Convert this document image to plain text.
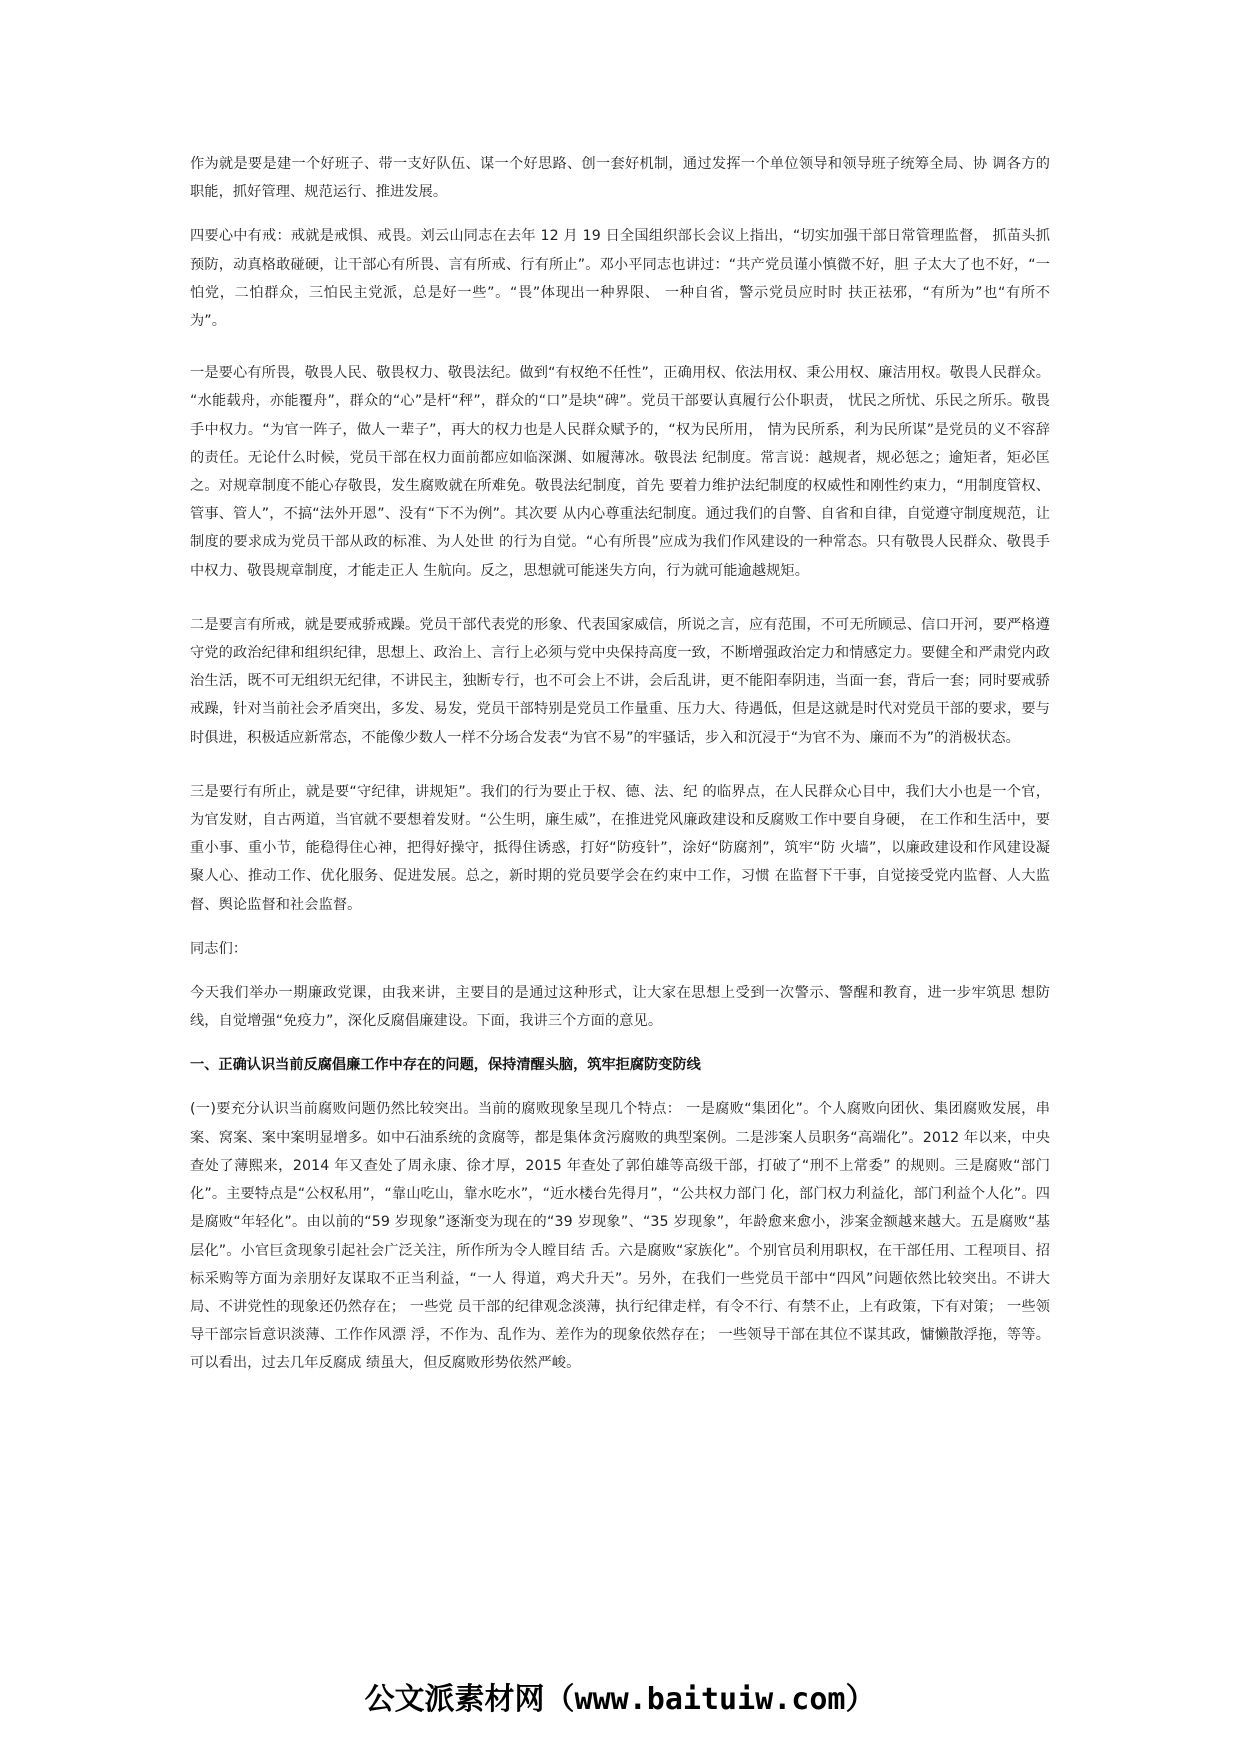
作为就是要是建一个好班子、带一支好队伍、谋一个好思路、创一套好机制，通过发挥一个单位领导和领导班子统筹全局、协 调各方的职能，抓好管理、规范运行、推进发展。

四要心中有戒：戒就是戒惧、戒畏。刘云山同志在去年 12 月 19 日全国组织部长会议上指出，“切实加强干部日常管理监督， 抓苗头抓预防，动真格敢碰硬，让干部心有所畏、言有所戒、行有所止”。邓小平同志也讲过：“共产党员谨小慎微不好，胆 子太大了也不好，“一怕党，二怕群众，三怕民主党派，总是好一些”。“畏”体现出一种界限、 一种自省，警示党员应时时 扶正祛邪，“有所为”也“有所不为”。

一是要心有所畏，敬畏人民、敬畏权力、敬畏法纪。做到“有权绝不任性”，正确用权、依法用权、秉公用权、廉洁用权。敬畏人民群众。 “水能载舟，亦能覆舟”，群众的“心”是杆“秤”，群众的“口”是块“碑”。党员干部要认真履行公仆职责， 忧民之所忧、乐民之所乐。敬畏手中权力。“为官一阵子，做人一辈子”，再大的权力也是人民群众赋予的，“权为民所用， 情为民所系，利为民所谋”是党员的义不容辞的责任。无论什么时候，党员干部在权力面前都应如临深渊、如履薄冰。敬畏法 纪制度。常言说：越规者，规必惩之；逾矩者，矩必匡之。对规章制度不能心存敬畏，发生腐败就在所难免。敬畏法纪制度，首先 要着力维护法纪制度的权威性和刚性约束力，“用制度管权、管事、管人”，不搞“法外开恩”、没有“下不为例”。其次要 从内心尊重法纪制度。通过我们的自警、自省和自律，自觉遵守制度规范，让制度的要求成为党员干部从政的标准、为人处世 的行为自觉。“心有所畏”应成为我们作风建设的一种常态。只有敬畏人民群众、敬畏手中权力、敬畏规章制度，才能走正人 生航向。反之，思想就可能迷失方向，行为就可能逾越规矩。

二是要言有所戒，就是要戒骄戒躁。党员干部代表党的形象、代表国家威信，所说之言，应有范围，不可无所顾忌、信口开河，要严格遵守党的政治纪律和组织纪律，思想上、政治上、言行上必须与党中央保持高度一致，不断增强政治定力和情感定力。要健全和严肃党内政治生活，既不可无组织无纪律，不讲民主，独断专行，也不可会上不讲，会后乱讲，更不能阳奉阴违，当面一套，背后一套；同时要戒骄戒躁，针对当前社会矛盾突出，多发、易发，党员干部特别是党员工作量重、压力大、待遇低，但是这就是时代对党员干部的要求，要与时俱进，积极适应新常态，不能像少数人一样不分场合发表“为官不易”的牢骚话，步入和沉浸于“为官不为、廉而不为”的消极状态。

三是要行有所止，就是要“守纪律，讲规矩”。我们的行为要止于权、德、法、纪 的临界点，在人民群众心目中，我们大小也是一个官，为官发财，自古两道，当官就不要想着发财。“公生明，廉生威”，在推进党风廉政建设和反腐败工作中要自身硬， 在工作和生活中，要重小事、重小节，能稳得住心神，把得好操守，抵得住诱惑，打好“防疫针”，涂好“防腐剂”，筑牢“防 火墙”，以廉政建设和作风建设凝聚人心、推动工作、优化服务、促进发展。总之，新时期的党员要学会在约束中工作，习惯 在监督下干事，自觉接受党内监督、人大监督、舆论监督和社会监督。

同志们：

今天我们举办一期廉政党课，由我来讲，主要目的是通过这种形式，让大家在思想上受到一次警示、警醒和教育，进一步牢筑思 想防线，自觉增强“免疫力”，深化反腐倡廉建设。下面，我讲三个方面的意见。

一、正确认识当前反腐倡廉工作中存在的问题，保持清醒头脑，筑牢拒腐防变防线

(一)要充分认识当前腐败问题仍然比较突出。当前的腐败现象呈现几个特点： 一是腐败“集团化”。个人腐败向团伙、集团腐败发展，串案、窝案、案中案明显增多。如中石油系统的贪腐等，都是集体贪污腐败的典型案例。二是涉案人员职务“高端化”。2012 年以来，中央查处了薄熙来，2014 年又查处了周永康、徐才厚，2015 年查处了郭伯雄等高级干部，打破了“刑不上常委” 的规则。三是腐败“部门化”。主要特点是“公权私用”，“靠山吃山，靠水吃水”，“近水楼台先得月”，“公共权力部门 化，部门权力利益化，部门利益个人化”。四是腐败“年轻化”。由以前的“59 岁现象”逐渐变为现在的“39 岁现象”、“35 岁现象”，年龄愈来愈小，涉案金额越来越大。五是腐败“基层化”。小官巨贪现象引起社会广泛关注，所作所为令人瞠目结 舌。六是腐败“家族化”。个别官员利用职权，在干部任用、工程项目、招标采购等方面为亲朋好友谋取不正当利益，“一人 得道，鸡犬升天”。另外，在我们一些党员干部中“四风”问题依然比较突出。不讲大局、不讲党性的现象还仍然存在； 一些党 员干部的纪律观念淡薄，执行纪律走样，有令不行、有禁不止，上有政策，下有对策； 一些领导干部宗旨意识淡薄、工作作风漂 浮，不作为、乱作为、差作为的现象依然存在； 一些领导干部在其位不谋其政，慵懒散浮拖，等等。可以看出，过去几年反腐成 绩虽大，但反腐败形势依然严峻。

公文派素材网（www.baituiw.com）
